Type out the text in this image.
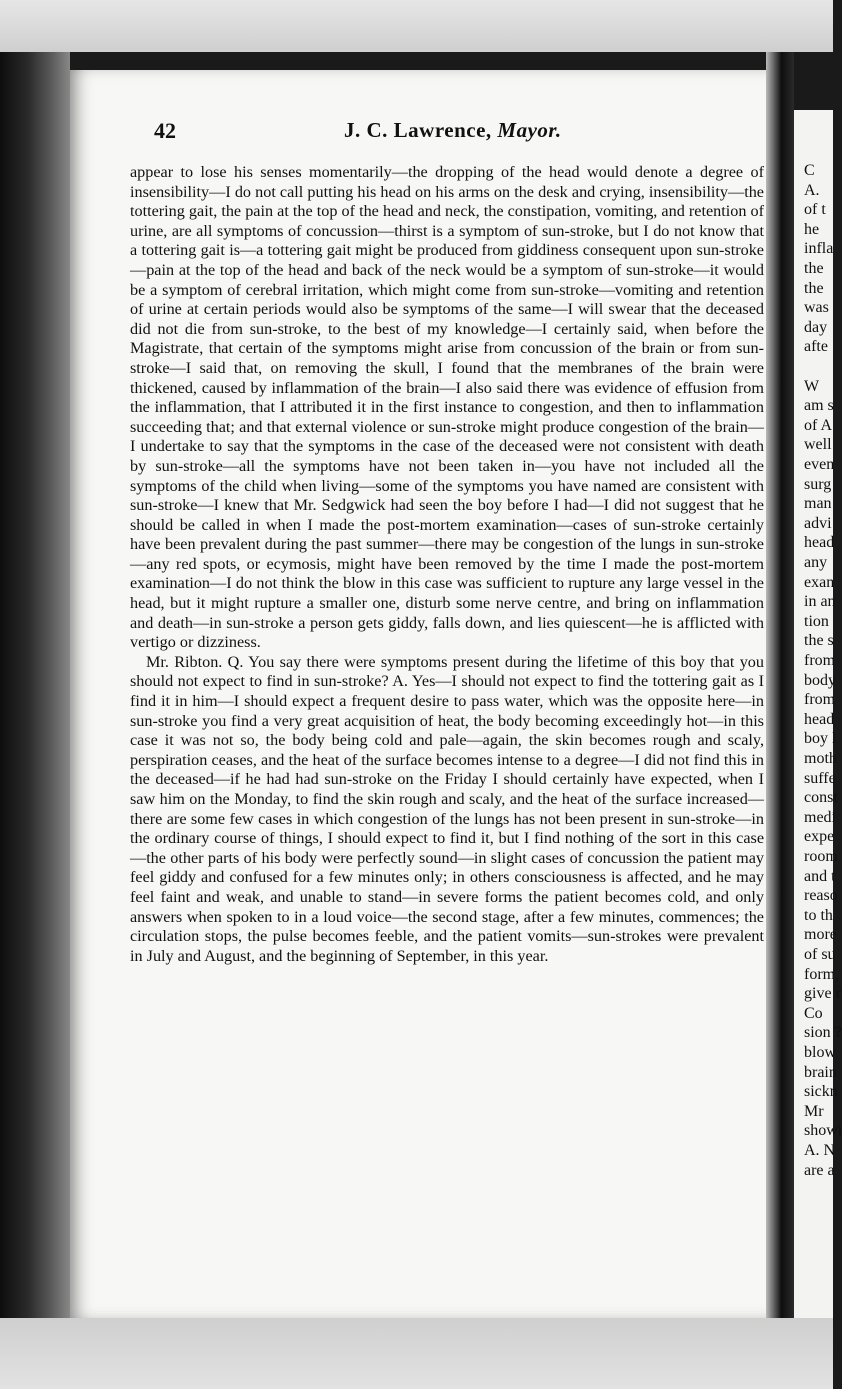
42	J. C. Lawrence, Mayor.

appear to lose his senses momentarily—the dropping of the head would denote a degree of insensibility—I do not call putting his head on his arms on the desk and crying, insensibility—the tottering gait, the pain at the top of the head and neck, the constipation, vomiting, and retention of urine, are all symptoms of concussion—thirst is a symptom of sun-stroke, but I do not know that a tottering gait is—a tottering gait might be produced from giddiness consequent upon sun-stroke—pain at the top of the head and back of the neck would be a symptom of sun-stroke—it would be a symptom of cerebral irritation, which might come from sun-stroke—vomiting and retention of urine at certain periods would also be symptoms of the same—I will swear that the deceased did not die from sun-stroke, to the best of my knowledge—I certainly said, when before the Magistrate, that certain of the symptoms might arise from concussion of the brain or from sun-stroke—I said that, on removing the skull, I found that the membranes of the brain were thickened, caused by inflammation of the brain—I also said there was evidence of effusion from the inflammation, that I attributed it in the first instance to congestion, and then to inflammation succeeding that; and that external violence or sun-stroke might produce congestion of the brain—I undertake to say that the symptoms in the case of the deceased were not consistent with death by sun-stroke—all the symptoms have not been taken in—you have not included all the symptoms of the child when living—some of the symptoms you have named are consistent with sun-stroke—I knew that Mr. Sedgwick had seen the boy before I had—I did not suggest that he should be called in when I made the post-mortem examination—cases of sun-stroke certainly have been prevalent during the past summer—there may be congestion of the lungs in sun-stroke—any red spots, or ecymosis, might have been removed by the time I made the post-mortem examination—I do not think the blow in this case was sufficient to rupture any large vessel in the head, but it might rupture a smaller one, disturb some nerve centre, and bring on inflammation and death—in sun-stroke a person gets giddy, falls down, and lies quiescent—he is afflicted with vertigo or dizziness.

Mr. Ribton. Q. You say there were symptoms present during the lifetime of this boy that you should not expect to find in sun-stroke? A. Yes—I should not expect to find the tottering gait as I find it in him—I should expect a frequent desire to pass water, which was the opposite here—in sun-stroke you find a very great acquisition of heat, the body becoming exceedingly hot—in this case it was not so, the body being cold and pale—again, the skin becomes rough and scaly, perspiration ceases, and the heat of the surface becomes intense to a degree—I did not find this in the deceased—if he had had sun-stroke on the Friday I should certainly have expected, when I saw him on the Monday, to find the skin rough and scaly, and the heat of the surface increased—there are some few cases in which congestion of the lungs has not been present in sun-stroke—in the ordinary course of things, I should expect to find it, but I find nothing of the sort in this case—the other parts of his body were perfectly sound—in slight cases of concussion the patient may feel giddy and confused for a few minutes only; in others consciousness is affected, and he may feel faint and weak, and unable to stand—in severe forms the patient becomes cold, and only answers when spoken to in a loud voice—the second stage, after a few minutes, commences; the circulation stops, the pulse becomes feeble, and the patient vomits—sun-strokes were prevalent in July and August, and the beginning of September, in this year.

C
A.
of t
he
infla
the
the
was
day
afte
W
am s
of A
well
even
surg
man
advi
head
any
exan
in an
tion
the s
from
body
from
head
boy l
moth
suffe
const
medi
expe
room
and t
reaso
to th
more
of su
form,
give r
Co
sion ?
blow
brain
sickn
Mr
showi
A. N
are a
